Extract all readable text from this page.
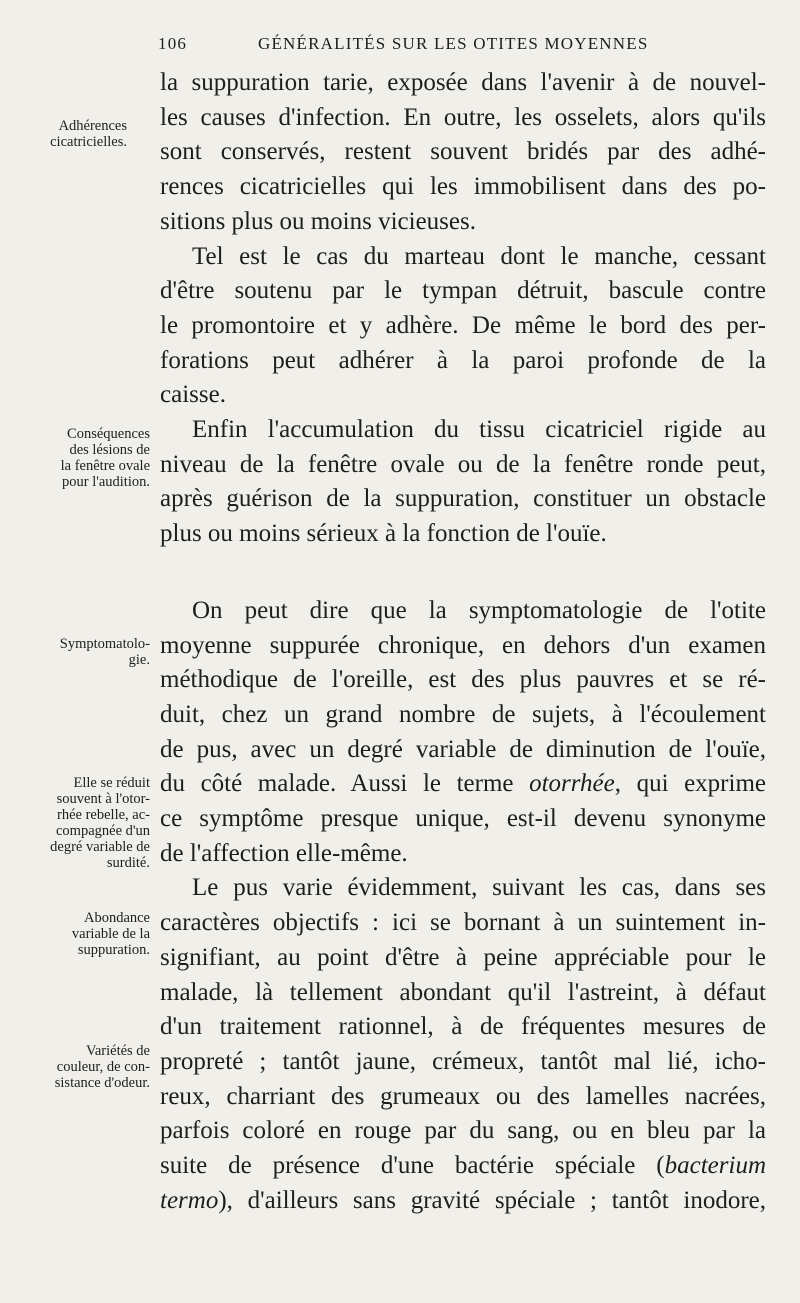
106	GÉNÉRALITÉS SUR LES OTITES MOYENNES
Adhérences
cicatricielles.
Conséquences
des lésions de
la fenêtre ovale
pour l'audition.
Symptomatolo-
gie.
Elle se réduit
souvent à l'otor-
rhée rebelle, ac-
compagnée d'un
degré variable de
surdité.
Abondance
variable de la
suppuration.
Variétés de
couleur, de con-
sistance d'odeur.

la suppuration tarie, exposée dans l'avenir à de nouvel-
les causes d'infection. En outre, les osselets, alors qu'ils
sont conservés, restent souvent bridés par des adhé-
rences cicatricielles qui les immobilisent dans des po-
sitions plus ou moins vicieuses.

Tel est le cas du marteau dont le manche, cessant
d'être soutenu par le tympan détruit, bascule contre
le promontoire et y adhère. De même le bord des per-
forations peut adhérer à la paroi profonde de la
caisse.

Enfin l'accumulation du tissu cicatriciel rigide au
niveau de la fenêtre ovale ou de la fenêtre ronde peut,
après guérison de la suppuration, constituer un obstacle
plus ou moins sérieux à la fonction de l'ouïe.

On peut dire que la symptomatologie de l'otite
moyenne suppurée chronique, en dehors d'un examen
méthodique de l'oreille, est des plus pauvres et se ré-
duit, chez un grand nombre de sujets, à l'écoulement
de pus, avec un degré variable de diminution de l'ouïe,
du côté malade. Aussi le terme otorrhée, qui exprime
ce symptôme presque unique, est-il devenu synonyme
de l'affection elle-même.

Le pus varie évidemment, suivant les cas, dans ses
caractères objectifs : ici se bornant à un suintement in-
signifiant, au point d'être à peine appréciable pour le
malade, là tellement abondant qu'il l'astreint, à défaut
d'un traitement rationnel, à de fréquentes mesures de
propreté ; tantôt jaune, crémeux, tantôt mal lié, icho-
reux, charriant des grumeaux ou des lamelles nacrées,
parfois coloré en rouge par du sang, ou en bleu par la
suite de présence d'une bactérie spéciale (bacterium
termo), d'ailleurs sans gravité spéciale ; tantôt inodore,
